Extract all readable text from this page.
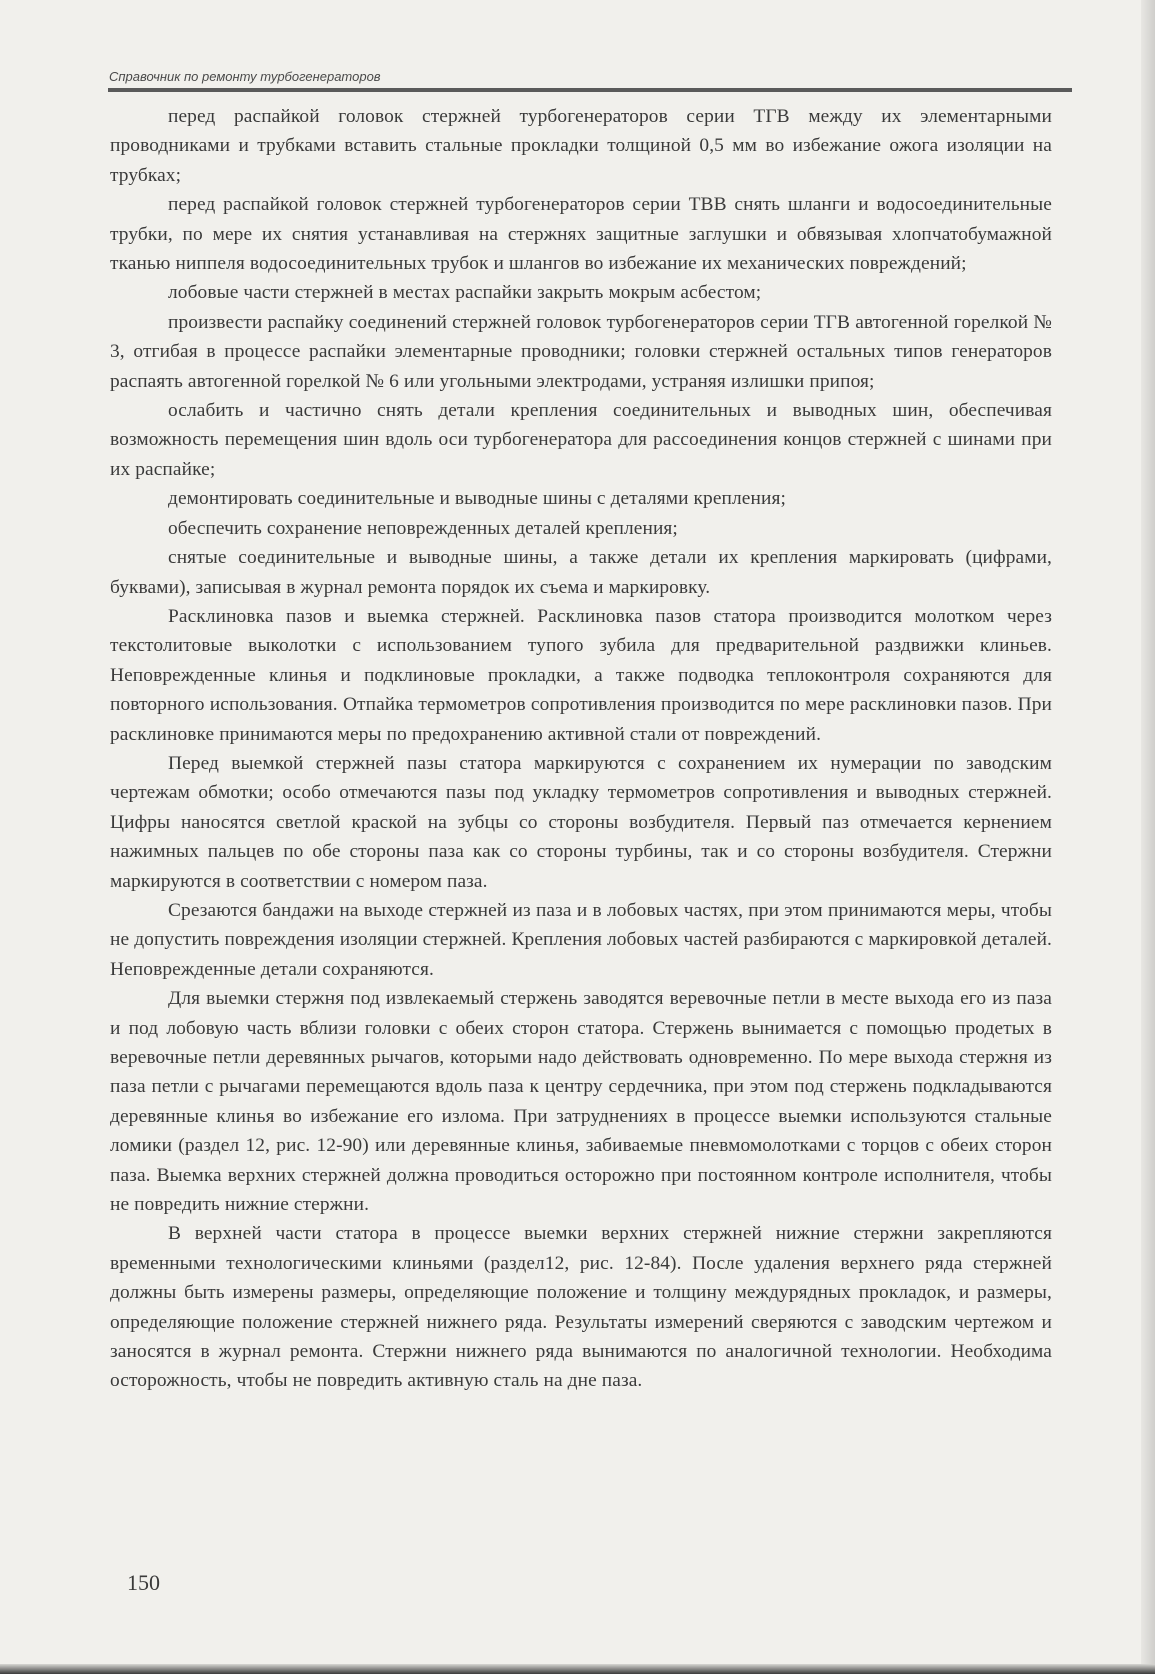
Справочник по ремонту турбогенераторов

перед распайкой головок стержней турбогенераторов серии ТГВ между их элементарными проводниками и трубками вставить стальные прокладки толщиной 0,5 мм во избежание ожога изоляции на трубках;

перед распайкой головок стержней турбогенераторов серии ТВВ снять шланги и водосоединительные трубки, по мере их снятия устанавливая на стержнях защитные заглушки и обвязывая хлопчатобумажной тканью ниппеля водосоединительных трубок и шлангов во избежание их механических повреждений;

лобовые части стержней в местах распайки закрыть мокрым асбестом;

произвести распайку соединений стержней головок турбогенераторов серии ТГВ автогенной горелкой № 3, отгибая в процессе распайки элементарные проводники; головки стержней остальных типов генераторов распаять автогенной горелкой № 6 или угольными электродами, устраняя излишки припоя;

ослабить и частично снять детали крепления соединительных и выводных шин, обеспечивая возможность перемещения шин вдоль оси турбогенератора для рассоединения концов стержней с шинами при их распайке;

демонтировать соединительные и выводные шины с деталями крепления;

обеспечить сохранение неповрежденных деталей крепления;

снятые соединительные и выводные шины, а также детали их крепления маркировать (цифрами, буквами), записывая в журнал ремонта порядок их съема и маркировку.

Расклиновка пазов и выемка стержней. Расклиновка пазов статора производится молотком через текстолитовые выколотки с использованием тупого зубила для предварительной раздвижки клиньев. Неповрежденные клинья и подклиновые прокладки, а также подводка теплоконтроля сохраняются для повторного использования. Отпайка термометров сопротивления производится по мере расклиновки пазов. При расклиновке принимаются меры по предохранению активной стали от повреждений.

Перед выемкой стержней пазы статора маркируются с сохранением их нумерации по заводским чертежам обмотки; особо отмечаются пазы под укладку термометров сопротивления и выводных стержней. Цифры наносятся светлой краской на зубцы со стороны возбудителя. Первый паз отмечается кернением нажимных пальцев по обе стороны паза как со стороны турбины, так и со стороны возбудителя. Стержни маркируются в соответствии с номером паза.

Срезаются бандажи на выходе стержней из паза и в лобовых частях, при этом принимаются меры, чтобы не допустить повреждения изоляции стержней. Крепления лобовых частей разбираются с маркировкой деталей. Неповрежденные детали сохраняются.

Для выемки стержня под извлекаемый стержень заводятся веревочные петли в месте выхода его из паза и под лобовую часть вблизи головки с обеих сторон статора. Стержень вынимается с помощью продетых в веревочные петли деревянных рычагов, которыми надо действовать одновременно. По мере выхода стержня из паза петли с рычагами перемещаются вдоль паза к центру сердечника, при этом под стержень подкладываются деревянные клинья во избежание его излома. При затруднениях в процессе выемки используются стальные ломики (раздел 12, рис. 12-90) или деревянные клинья, забиваемые пневмомолотками с торцов с обеих сторон паза. Выемка верхних стержней должна проводиться осторожно при постоянном контроле исполнителя, чтобы не повредить нижние стержни.

В верхней части статора в процессе выемки верхних стержней нижние стержни закрепляются временными технологическими клиньями (раздел12, рис. 12-84). После удаления верхнего ряда стержней должны быть измерены размеры, определяющие положение и толщину междурядных прокладок, и размеры, определяющие положение стержней нижнего ряда. Результаты измерений сверяются с заводским чертежом и заносятся в журнал ремонта. Стержни нижнего ряда вынимаются по аналогичной технологии. Необходима осторожность, чтобы не повредить активную сталь на дне паза.

150
